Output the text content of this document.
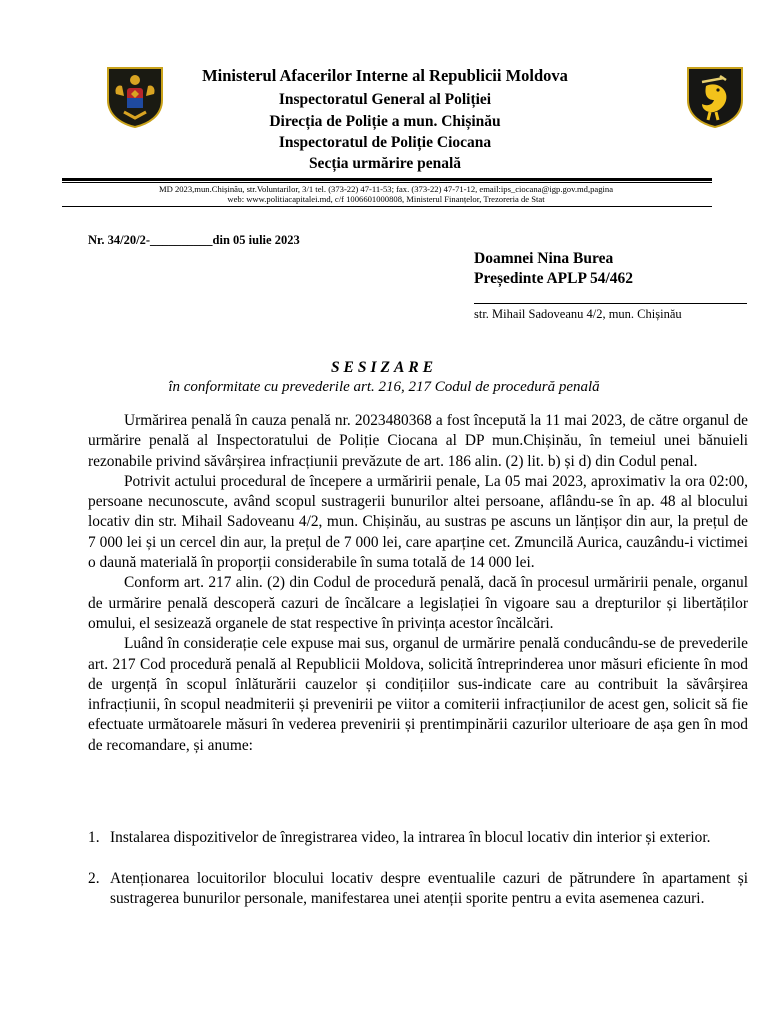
Ministerul Afacerilor Interne al Republicii Moldova
Inspectoratul General al Poliției
Direcția de Poliție a mun. Chișinău
Inspectoratul de Poliție Ciocana
Secția urmărire penală
MD 2023,mun.Chișinău, str.Voluntarilor, 3/1 tel. (373-22) 47-11-53; fax. (373-22) 47-71-12, email:ips_ciocana@igp.gov.md,pagina
web: www.politiacapitalei.md, c/f 1006601000808, Ministerul Finanțelor, Trezoreria de Stat
Nr. 34/20/2-__________din 05 iulie 2023
Doamnei Nina Burea
Președinte APLP 54/462
str. Mihail Sadoveanu 4/2, mun. Chișinău
SESIZARE
în conformitate cu prevederile art. 216, 217 Codul de procedură penală

Urmărirea penală în cauza penală nr. 2023480368 a fost începută la 11 mai 2023, de către organul de urmărire penală al Inspectoratului de Poliție Ciocana al DP mun.Chișinău, în temeiul unei bănuieli rezonabile privind săvârșirea infracțiunii prevăzute de art. 186 alin. (2) lit. b) și d) din Codul penal.

Potrivit actului procedural de începere a urmăririi penale, La 05 mai 2023, aproximativ la ora 02:00, persoane necunoscute, având scopul sustragerii bunurilor altei persoane, aflându-se în ap. 48 al blocului locativ din str. Mihail Sadoveanu 4/2, mun. Chișinău, au sustras pe ascuns un lănțișor din aur, la prețul de 7 000 lei și un cercel din aur, la prețul de 7 000 lei, care aparține cet. Zmuncilă Aurica, cauzându-i victimei o daună materială în proporții considerabile în suma totală de 14 000 lei.

Conform art. 217 alin. (2) din Codul de procedură penală, dacă în procesul urmăririi penale, organul de urmărire penală descoperă cazuri de încălcare a legislației în vigoare sau a drepturilor și libertăților omului, el sesizează organele de stat respective în privința acestor încălcări.

Luând în considerație cele expuse mai sus, organul de urmărire penală conducându-se de prevederile art. 217 Cod procedură penală al Republicii Moldova, solicită întreprinderea unor măsuri eficiente în mod de urgență în scopul înlăturării cauzelor și condițiilor sus-indicate care au contribuit la săvârșirea infracțiunii, în scopul neadmiterii și prevenirii pe viitor a comiterii infracțiunilor de acest gen, solicit să fie efectuate următoarele măsuri în vederea prevenirii și prentimpinării cazurilor ulterioare de așa gen în mod de recomandare, și anume:

1. Instalarea dispozitivelor de înregistrarea video, la intrarea în blocul locativ din interior și exterior.
2. Atenționarea locuitorilor blocului locativ despre eventualile cazuri de pătrundere în apartament și sustragerea bunurilor personale, manifestarea unei atenții sporite pentru a evita asemenea cazuri.
